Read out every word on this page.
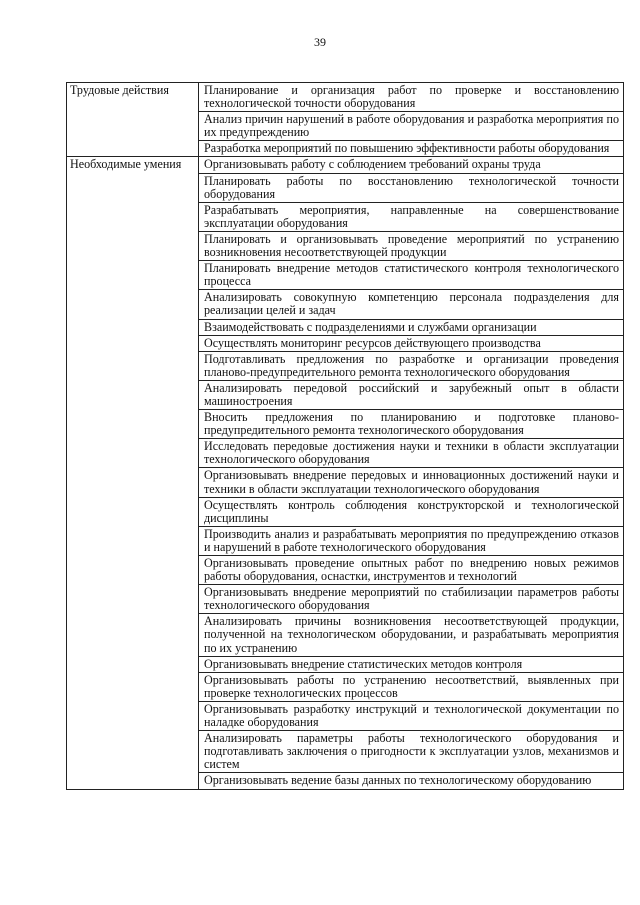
39
Трудовые действия	Планирование и организация работ по проверке и восстановлению технологической точности оборудования
	Анализ причин нарушений в работе оборудования и разработка мероприятия по их предупреждению
	Разработка мероприятий по повышению эффективности работы оборудования
Необходимые умения	Организовывать работу с соблюдением требований охраны труда
	Планировать работы по восстановлению технологической точности оборудования
	Разрабатывать мероприятия, направленные на совершенствование эксплуатации оборудования
	Планировать и организовывать проведение мероприятий по устранению возникновения несоответствующей продукции
	Планировать внедрение методов статистического контроля технологического процесса
	Анализировать совокупную компетенцию персонала подразделения для реализации целей и задач
	Взаимодействовать с подразделениями и службами организации
	Осуществлять мониторинг ресурсов действующего производства
	Подготавливать предложения по разработке и организации проведения планово-предупредительного ремонта технологического оборудования
	Анализировать передовой российский и зарубежный опыт в области машиностроения
	Вносить предложения по планированию и подготовке планово-предупредительного ремонта технологического оборудования
	Исследовать передовые достижения науки и техники в области эксплуатации технологического оборудования
	Организовывать внедрение передовых и инновационных достижений науки и техники в области эксплуатации технологического оборудования
	Осуществлять контроль соблюдения конструкторской и технологической дисциплины
	Производить анализ и разрабатывать мероприятия по предупреждению отказов и нарушений в работе технологического оборудования
	Организовывать проведение опытных работ по внедрению новых режимов работы оборудования, оснастки, инструментов и технологий
	Организовывать внедрение мероприятий по стабилизации параметров работы технологического оборудования
	Анализировать причины возникновения несоответствующей продукции, полученной на технологическом оборудовании, и разрабатывать мероприятия по их устранению
	Организовывать внедрение статистических методов контроля
	Организовывать работы по устранению несоответствий, выявленных при проверке технологических процессов
	Организовывать разработку инструкций и технологической документации по наладке оборудования
	Анализировать параметры работы технологического оборудования и подготавливать заключения о пригодности к эксплуатации узлов, механизмов и систем
	Организовывать ведение базы данных по технологическому оборудованию
